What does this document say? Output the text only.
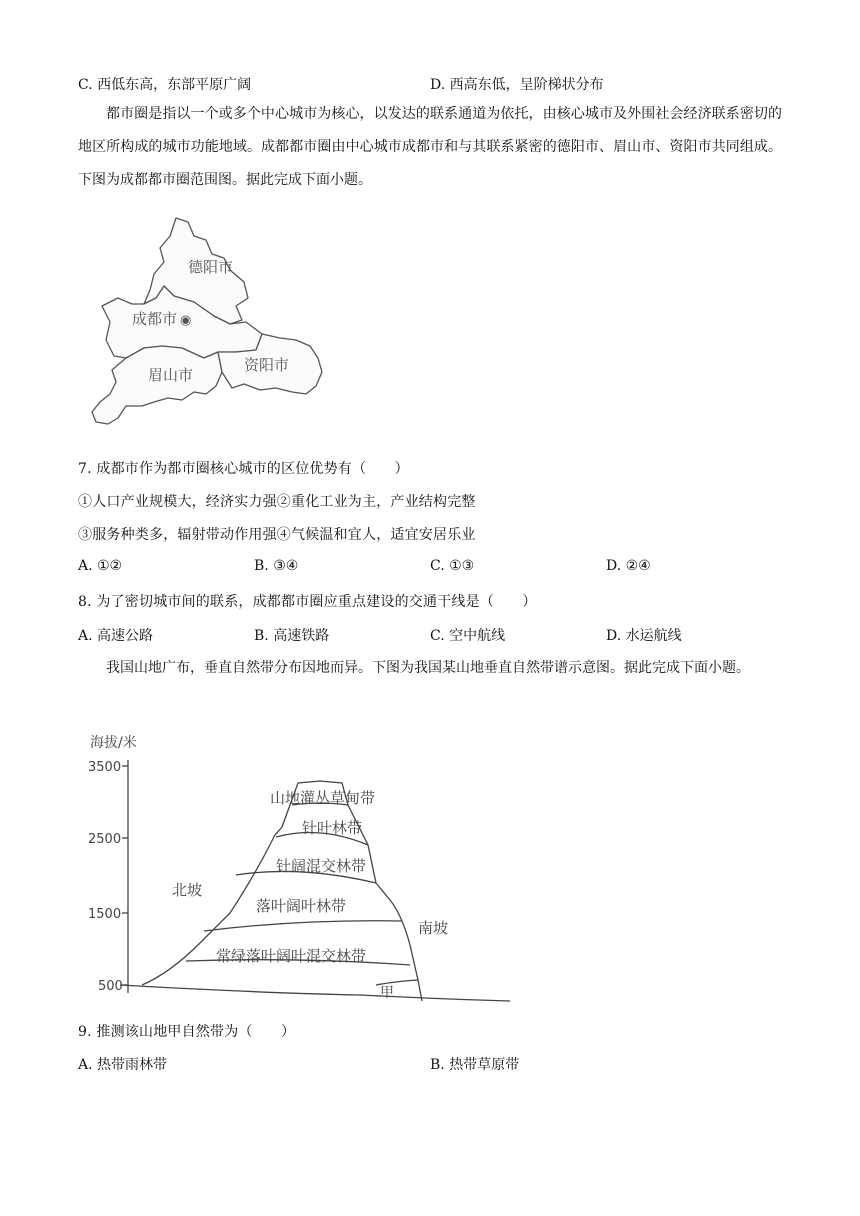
C. 西低东高，东部平原广阔	D. 西高东低，呈阶梯状分布
都市圈是指以一个或多个中心城市为核心，以发达的联系通道为依托，由核心城市及外围社会经济联系密切的地区所构成的城市功能地域。成都都市圈由中心城市成都市和与其联系紧密的德阳市、眉山市、资阳市共同组成。下图为成都都市圈范围图。据此完成下面小题。
德阳市
成都市 ◉
眉山市
资阳市
7. 成都市作为都市圈核心城市的区位优势有（　　）
①人口产业规模大，经济实力强②重化工业为主，产业结构完整
③服务种类多，辐射带动作用强④气候温和宜人，适宜安居乐业
A. ①②	B. ③④	C. ①③	D. ②④
8. 为了密切城市间的联系，成都都市圈应重点建设的交通干线是（　　）
A. 高速公路	B. 高速铁路	C. 空中航线	D. 水运航线
我国山地广布，垂直自然带分布因地而异。下图为我国某山地垂直自然带谱示意图。据此完成下面小题。
海拔/米
3500
2500
1500
500
北坡
南坡
山地灌丛草甸带
针叶林带
针阔混交林带
落叶阔叶林带
常绿落叶阔叶混交林带
甲
9. 推测该山地甲自然带为（　　）
A. 热带雨林带	B. 热带草原带
